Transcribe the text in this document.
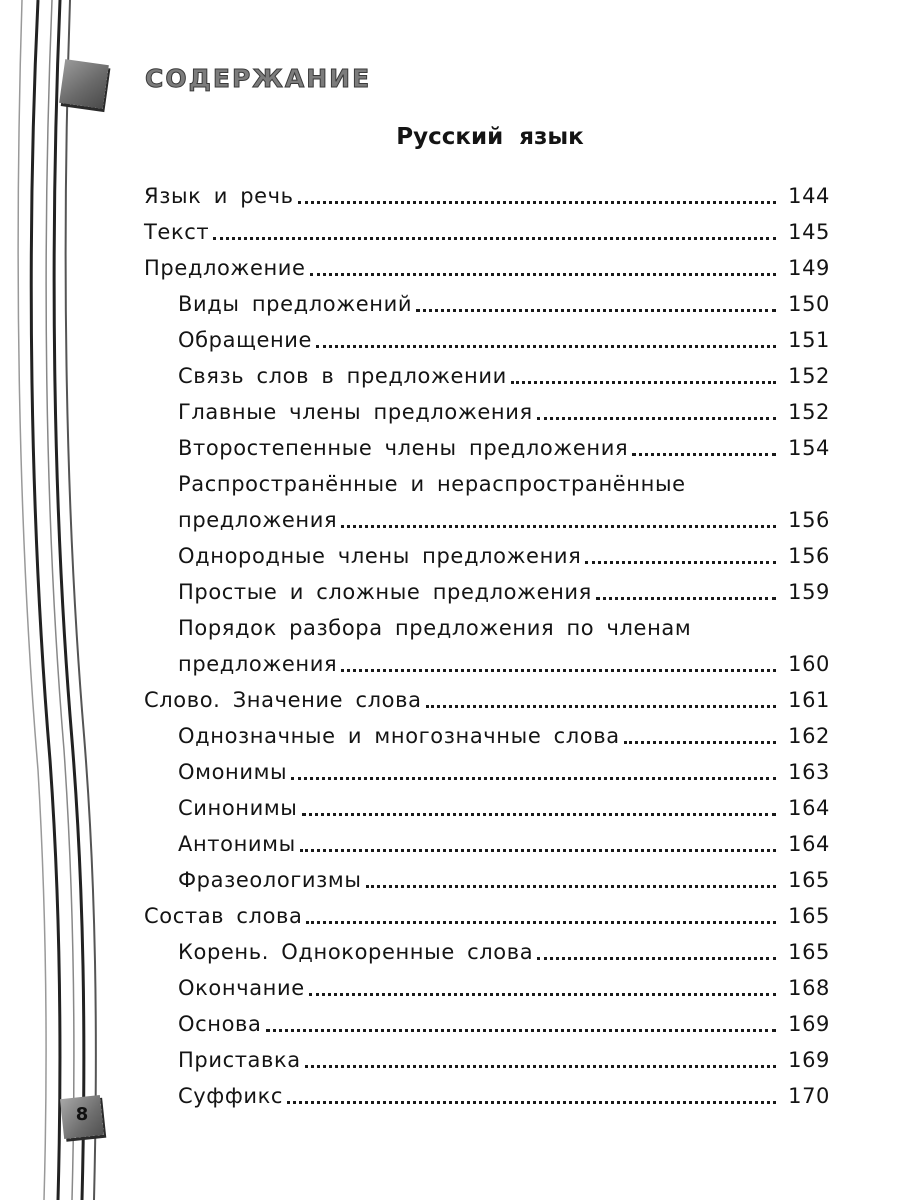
СОДЕРЖАНИЕ
Русский язык
Язык и речь	144
Текст	145
Предложение	149
Виды предложений	150
Обращение	151
Связь слов в предложении	152
Главные члены предложения	152
Второстепенные члены предложения	154
Распространённые и нераспространённые
предложения	156
Однородные члены предложения	156
Простые и сложные предложения	159
Порядок разбора предложения по членам
предложения	160
Слово. Значение слова	161
Однозначные и многозначные слова	162
Омонимы	163
Синонимы	164
Антонимы	164
Фразеологизмы	165
Состав слова	165
Корень. Однокоренные слова	165
Окончание	168
Основа	169
Приставка	169
Суффикс	170
8
